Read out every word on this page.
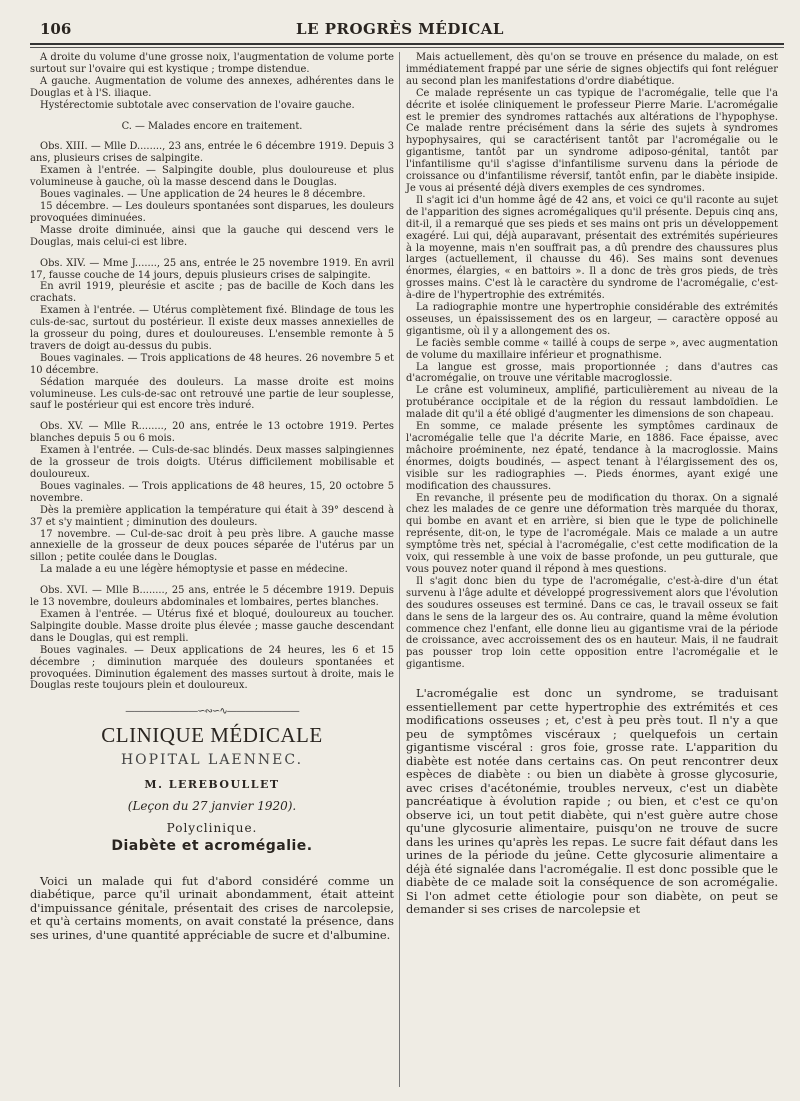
106	LE PROGRÈS MÉDICAL

A droite du volume d'une grosse noix, l'augmentation de volume porte surtout sur l'ovaire qui est kystique ; trompe distendue.

A gauche. Augmentation de volume des annexes, adhérentes dans le Douglas et à l'S. iliaque.

Hystérectomie subtotale avec conservation de l'ovaire gauche.

C. — Malades encore en traitement.

Obs. XIII. — Mlle D........, 23 ans, entrée le 6 décembre 1919. Depuis 3 ans, plusieurs crises de salpingite.

Examen à l'entrée. — Salpingite double, plus douloureuse et plus volumineuse à gauche, où la masse descend dans le Douglas.

Boues vaginales. — Une application de 24 heures le 8 décembre.

15 décembre. — Les douleurs spontanées sont disparues, les douleurs provoquées diminuées.

Masse droite diminuée, ainsi que la gauche qui descend vers le Douglas, mais celui-ci est libre.

Obs. XIV. — Mme J......., 25 ans, entrée le 25 novembre 1919. En avril 17, fausse couche de 14 jours, depuis plusieurs crises de salpingite.

En avril 1919, pleurésie et ascite ; pas de bacille de Koch dans les crachats.

Examen à l'entrée. — Utérus complètement fixé. Blindage de tous les culs-de-sac, surtout du postérieur. Il existe deux masses annexielles de la grosseur du poing, dures et douloureuses. L'ensemble remonte à 5 travers de doigt au-dessus du pubis.

Boues vaginales. — Trois applications de 48 heures. 26 novembre 5 et 10 décembre.

Sédation marquée des douleurs. La masse droite est moins volumineuse. Les culs-de-sac ont retrouvé une partie de leur souplesse, sauf le postérieur qui est encore très induré.

Obs. XV. — Mlle R........, 20 ans, entrée le 13 octobre 1919. Pertes blanches depuis 5 ou 6 mois.

Examen à l'entrée. — Culs-de-sac blindés. Deux masses salpingiennes de la grosseur de trois doigts. Utérus difficilement mobilisable et douloureux.

Boues vaginales. — Trois applications de 48 heures, 15, 20 octobre 5 novembre.

Dès la première application la température qui était à 39° descend à 37 et s'y maintient ; diminution des douleurs.

17 novembre. — Cul-de-sac droit à peu près libre. A gauche masse annexielle de la grosseur de deux pouces séparée de l'utérus par un sillon ; petite coulée dans le Douglas.

La malade a eu une légère hémoptysie et passe en médecine.

Obs. XVI. — Mlle B........, 25 ans, entrée le 5 décembre 1919. Depuis le 13 novembre, douleurs abdominales et lombaires, pertes blanches.

Examen à l'entrée. — Utérus fixé et bloqué, douloureux au toucher. Salpingite double. Masse droite plus élevée ; masse gauche descendant dans le Douglas, qui est rempli.

Boues vaginales. — Deux applications de 24 heures, les 6 et 15 décembre ; diminution marquée des douleurs spontanées et provoquées. Diminution également des masses surtout à droite, mais le Douglas reste toujours plein et douloureux.

————————∽∾∽∿————————

CLINIQUE MÉDICALE

HOPITAL LAENNEC.

M. LEREBOULLET

(Leçon du 27 janvier 1920).

Polyclinique.

Diabète et acromégalie.

Voici un malade qui fut d'abord considéré comme un diabétique, parce qu'il urinait abondamment, était atteint d'impuissance génitale, présentait des crises de narcolepsie, et qu'à certains moments, on avait constaté la présence, dans ses urines, d'une quantité appréciable de sucre et d'albumine.

Mais actuellement, dès qu'on se trouve en présence du malade, on est immédiatement frappé par une série de signes objectifs qui font reléguer au second plan les manifestations d'ordre diabétique.

Ce malade représente un cas typique de l'acromégalie, telle que l'a décrite et isolée cliniquement le professeur Pierre Marie. L'acromégalie est le premier des syndromes rattachés aux altérations de l'hypophyse. Ce malade rentre précisément dans la série des sujets à syndromes hypophysaires, qui se caractérisent tantôt par l'acromégalie ou le gigantisme, tantôt par un syndrome adiposo-génital, tantôt par l'infantilisme qu'il s'agisse d'infantilisme survenu dans la période de croissance ou d'infantilisme réversif, tantôt enfin, par le diabète insipide. Je vous ai présenté déjà divers exemples de ces syndromes.

Il s'agit ici d'un homme âgé de 42 ans, et voici ce qu'il raconte au sujet de l'apparition des signes acromégaliques qu'il présente. Depuis cinq ans, dit-il, il a remarqué que ses pieds et ses mains ont pris un développement exagéré. Lui qui, déjà auparavant, présentait des extrémités supérieures à la moyenne, mais n'en souffrait pas, a dû prendre des chaussures plus larges (actuellement, il chausse du 46). Ses mains sont devenues énormes, élargies, « en battoirs ». Il a donc de très gros pieds, de très grosses mains. C'est là le caractère du syndrome de l'acromégalie, c'est-à-dire de l'hypertrophie des extrémités.

La radiographie montre une hypertrophie considérable des extrémités osseuses, un épaississement des os en largeur, — caractère opposé au gigantisme, où il y a allongement des os.

Le faciès semble comme « taillé à coups de serpe », avec augmentation de volume du maxillaire inférieur et prognathisme.

La langue est grosse, mais proportionnée ; dans d'autres cas d'acromégalie, on trouve une véritable macroglossie.

Le crâne est volumineux, amplifié, particulièrement au niveau de la protubérance occipitale et de la région du ressaut lambdoïdien. Le malade dit qu'il a été obligé d'augmenter les dimensions de son chapeau.

En somme, ce malade présente les symptômes cardinaux de l'acromégalie telle que l'a décrite Marie, en 1886. Face épaisse, avec mâchoire proéminente, nez épaté, tendance à la macroglossie. Mains énormes, doigts boudinés, — aspect tenant à l'élargissement des os, visible sur les radiographies —. Pieds énormes, ayant exigé une modification des chaussures.

En revanche, il présente peu de modification du thorax. On a signalé chez les malades de ce genre une déformation très marquée du thorax, qui bombe en avant et en arrière, si bien que le type de polichinelle représente, dit-on, le type de l'acromégale. Mais ce malade a un autre symptôme très net, spécial à l'acromégalie, c'est cette modification de la voix, qui ressemble à une voix de basse profonde, un peu gutturale, que vous pouvez noter quand il répond à mes questions.

Il s'agit donc bien du type de l'acromégalie, c'est-à-dire d'un état survenu à l'âge adulte et développé progressivement alors que l'évolution des soudures osseuses est terminé. Dans ce cas, le travail osseux se fait dans le sens de la largeur des os. Au contraire, quand la même évolution commence chez l'enfant, elle donne lieu au gigantisme vrai de la période de croissance, avec accroissement des os en hauteur. Mais, il ne faudrait pas pousser trop loin cette opposition entre l'acromégalie et le gigantisme.

L'acromégalie est donc un syndrome, se traduisant essentiellement par cette hypertrophie des extrémités et ces modifications osseuses ; et, c'est à peu près tout. Il n'y a que peu de symptômes viscéraux ; quelquefois un certain gigantisme viscéral : gros foie, grosse rate. L'apparition du diabète est notée dans certains cas. On peut rencontrer deux espèces de diabète : ou bien un diabète à grosse glycosurie, avec crises d'acétonémie, troubles nerveux, c'est un diabète pancréatique à évolution rapide ; ou bien, et c'est ce qu'on observe ici, un tout petit diabète, qui n'est guère autre chose qu'une glycosurie alimentaire, puisqu'on ne trouve de sucre dans les urines qu'après les repas. Le sucre fait défaut dans les urines de la période du jeûne. Cette glycosurie alimentaire a déjà été signalée dans l'acromégalie. Il est donc possible que le diabète de ce malade soit la conséquence de son acromégalie. Si l'on admet cette étiologie pour son diabète, on peut se demander si ses crises de narcolepsie et
